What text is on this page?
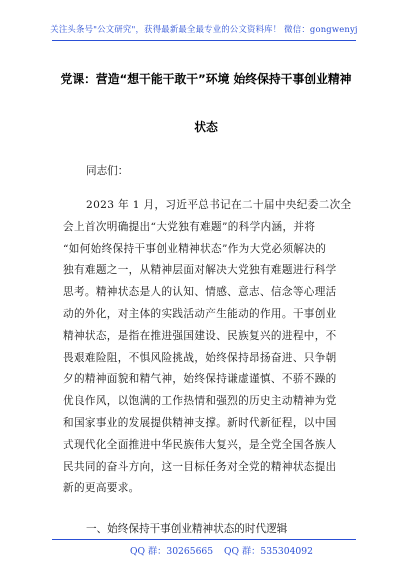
关注头条号"公文研究"，获得最新最全最专业的公文资料库！ 微信：gongwenyj
党课：营造“想干能干敢干”环境 始终保持干事创业精神
状态
同志们：
2023 年 1 月，习近平总书记在二十届中央纪委二次全
会上首次明确提出“大党独有难题”的科学内涵，并将
“如何始终保持干事创业精神状态”作为大党必须解决的
独有难题之一，从精神层面对解决大党独有难题进行科学
思考。精神状态是人的认知、情感、意志、信念等心理活
动的外化，对主体的实践活动产生能动的作用。干事创业
精神状态，是指在推进强国建设、民族复兴的进程中，不
畏艰难险阻，不惧风险挑战，始终保持昂扬奋进、只争朝
夕的精神面貌和精气神，始终保持谦虚谨慎、不骄不躁的
优良作风，以饱满的工作热情和强烈的历史主动精神为党
和国家事业的发展提供精神支撑。新时代新征程，以中国
式现代化全面推进中华民族伟大复兴，是全党全国各族人
民共同的奋斗方向，这一目标任务对全党的精神状态提出
新的更高要求。
一、始终保持干事创业精神状态的时代逻辑
QQ 群：30265665 QQ 群：535304092
